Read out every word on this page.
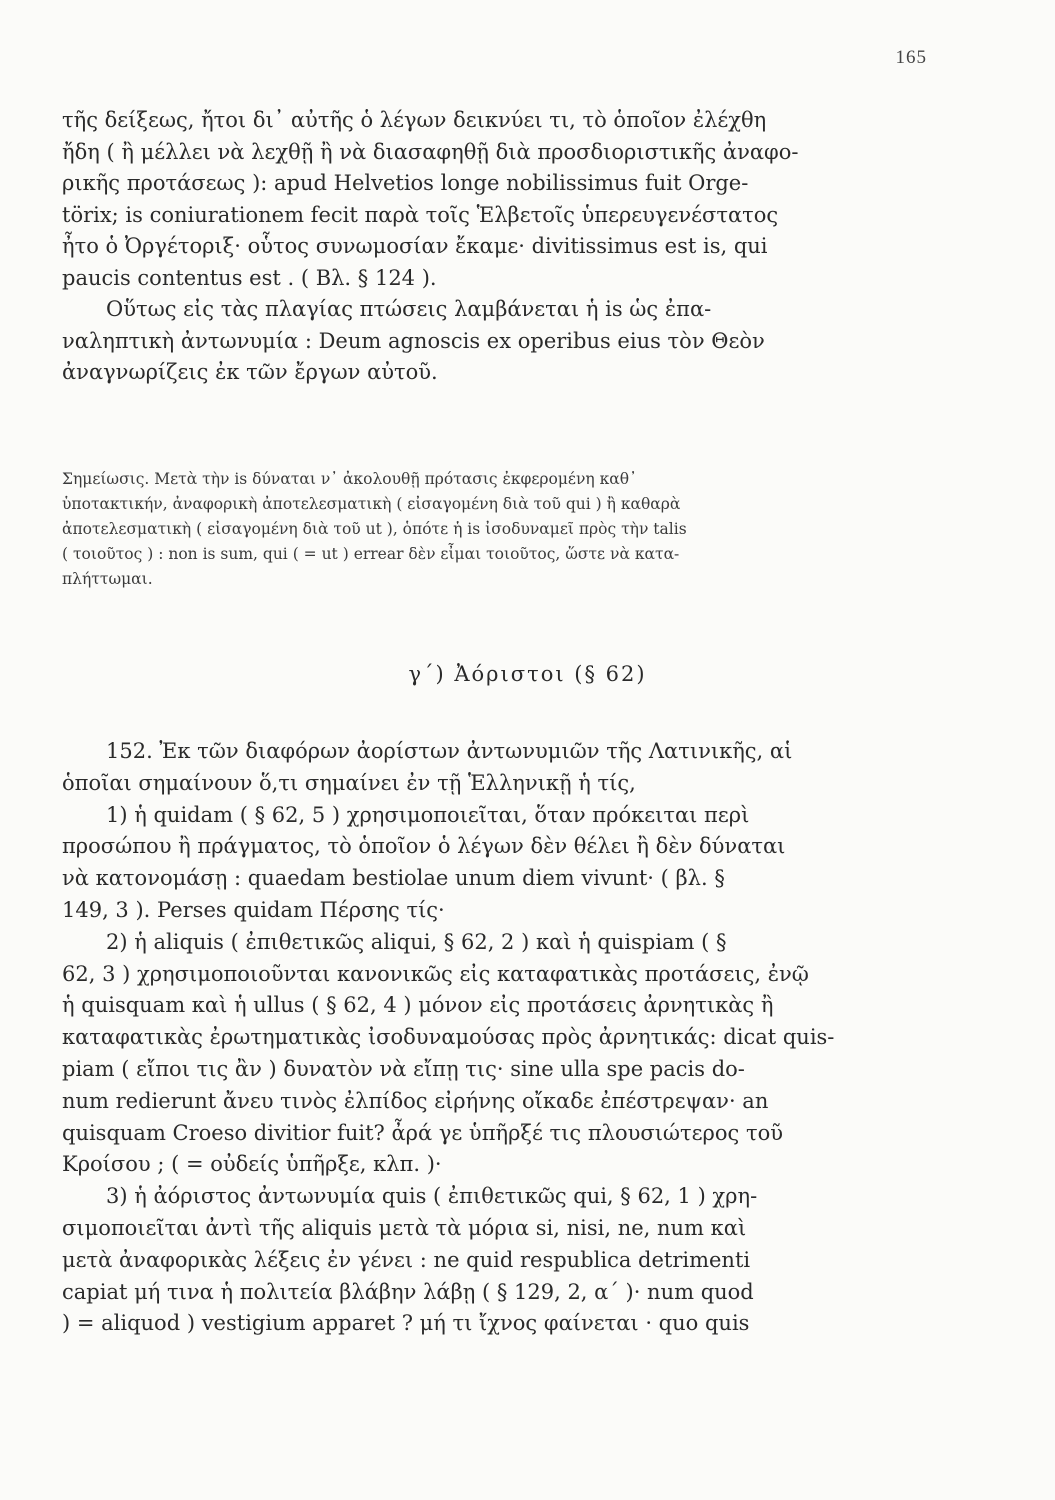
165
τῆς δείξεως, ἤτοι δι᾽ αὐτῆς ὁ λέγων δεικνύει τι, τὸ ὁποῖον ἐλέχθη
ἤδη ( ἢ μέλλει νὰ λεχθῇ ἢ νὰ διασαφηθῇ διὰ προσδιοριστικῆς ἀναφο-
ρικῆς προτάσεως ): apud Helvetios longe nobilissimus fuit Orge-
törix; is coniurationem fecit παρὰ τοῖς Ἑλβετοῖς ὑπερευγενέστατος
ἦτο ὁ Ὀργέτοριξ· οὗτος συνωμοσίαν ἔκαμε· divitissimus est is, qui
paucis contentus est . ( Βλ. § 124 ).
Οὕτως εἰς τὰς πλαγίας πτώσεις λαμβάνεται ἡ is ὡς ἐπα-
ναληπτικὴ ἀντωνυμία : Deum agnoscis ex operibus eius τὸν Θεὸν
ἀναγνωρίζεις ἐκ τῶν ἔργων αὐτοῦ.
Σημείωσις. Μετὰ τὴν is δύναται ν᾽ ἀκολουθῇ πρότασις ἐκφερομένη καθ᾽
ὑποτακτικήν, ἀναφορικὴ ἀποτελεσματικὴ ( εἰσαγομένη διὰ τοῦ qui ) ἢ καθαρὰ
ἀποτελεσματικὴ ( εἰσαγομένη διὰ τοῦ ut ), ὁπότε ἡ is ἰσοδυναμεῖ πρὸς τὴν talis
( τοιοῦτος ) : non is sum, qui ( = ut ) errear δὲν εἶμαι τοιοῦτος, ὥστε νὰ κατα-
πλήττωμαι.
γ΄) Ἀόριστοι (§ 62)
152. Ἐκ τῶν διαφόρων ἀορίστων ἀντωνυμιῶν τῆς Λατινικῆς, αἱ
ὁποῖαι σημαίνουν ὅ,τι σημαίνει ἐν τῇ Ἑλληνικῇ ἡ τίς,
1) ἡ quidam ( § 62, 5 ) χρησιμοποιεῖται, ὅταν πρόκειται περὶ
προσώπου ἢ πράγματος, τὸ ὁποῖον ὁ λέγων δὲν θέλει ἢ δὲν δύναται
νὰ κατονομάσῃ : quaedam bestiolae unum diem vivunt· ( βλ. §
149, 3 ). Perses quidam Πέρσης τίς·
2) ἡ aliquis ( ἐπιθετικῶς aliqui, § 62, 2 ) καὶ ἡ quispiam ( §
62, 3 ) χρησιμοποιοῦνται κανονικῶς εἰς καταφατικὰς προτάσεις, ἐνῷ
ἡ quisquam καὶ ἡ ullus ( § 62, 4 ) μόνον εἰς προτάσεις ἀρνητικὰς ἢ
καταφατικὰς ἐρωτηματικὰς ἰσοδυναμούσας πρὸς ἀρνητικάς: dicat quis-
piam ( εἴποι τις ἂν ) δυνατὸν νὰ εἴπῃ τις· sine ulla spe pacis do-
num redierunt ἄνευ τινὸς ἐλπίδος εἰρήνης οἴκαδε ἐπέστρεψαν· an
quisquam Croeso divitior fuit? ἆρά γε ὑπῆρξέ τις πλουσιώτερος τοῦ
Κροίσου ; ( = οὐδείς ὑπῆρξε, κλπ. )·
3) ἡ ἀόριστος ἀντωνυμία quis ( ἐπιθετικῶς qui, § 62, 1 ) χρη-
σιμοποιεῖται ἀντὶ τῆς aliquis μετὰ τὰ μόρια si, nisi, ne, num καὶ
μετὰ ἀναφορικὰς λέξεις ἐν γένει : ne quid respublica detrimenti
capiat μή τινα ἡ πολιτεία βλάβην λάβῃ ( § 129, 2, α΄ )· num quod
) = aliquod ) vestigium apparet ? μή τι ἴχνος φαίνεται · quo quis
